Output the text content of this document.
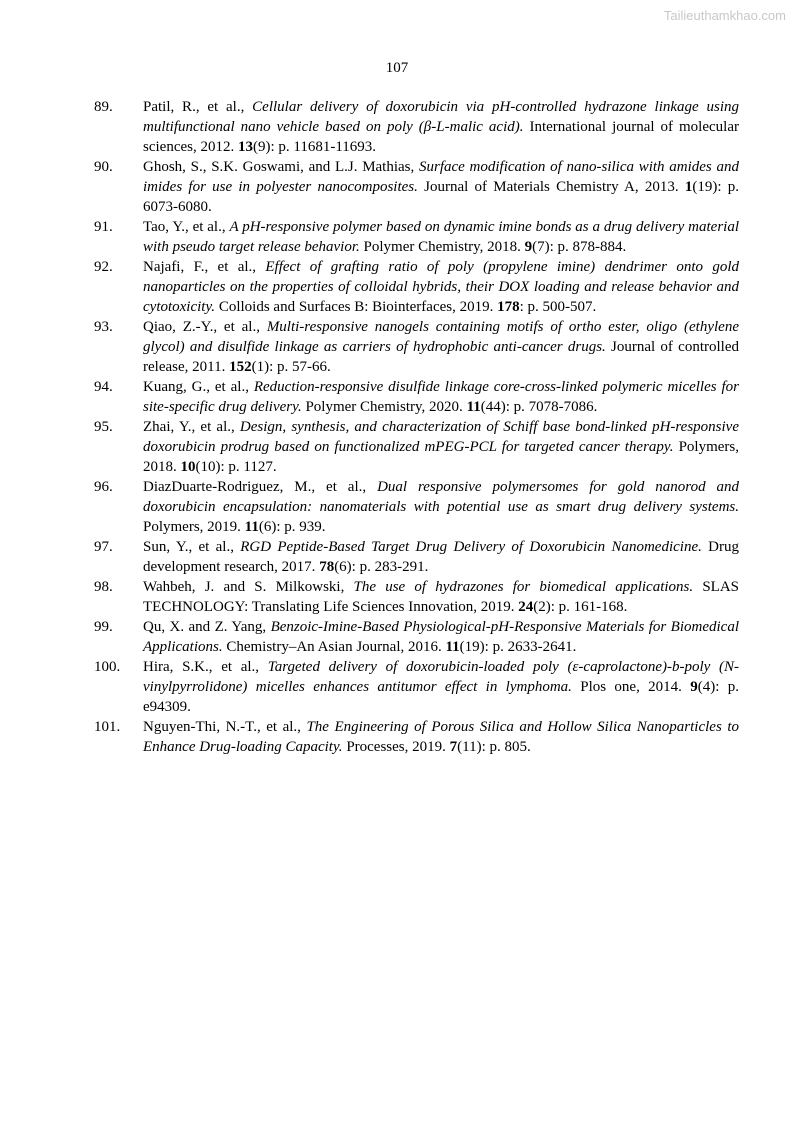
Tailieuthamkhao.com
107
89. Patil, R., et al., Cellular delivery of doxorubicin via pH-controlled hydrazone linkage using multifunctional nano vehicle based on poly (β-L-malic acid). International journal of molecular sciences, 2012. 13(9): p. 11681-11693.
90. Ghosh, S., S.K. Goswami, and L.J. Mathias, Surface modification of nano-silica with amides and imides for use in polyester nanocomposites. Journal of Materials Chemistry A, 2013. 1(19): p. 6073-6080.
91. Tao, Y., et al., A pH-responsive polymer based on dynamic imine bonds as a drug delivery material with pseudo target release behavior. Polymer Chemistry, 2018. 9(7): p. 878-884.
92. Najafi, F., et al., Effect of grafting ratio of poly (propylene imine) dendrimer onto gold nanoparticles on the properties of colloidal hybrids, their DOX loading and release behavior and cytotoxicity. Colloids and Surfaces B: Biointerfaces, 2019. 178: p. 500-507.
93. Qiao, Z.-Y., et al., Multi-responsive nanogels containing motifs of ortho ester, oligo (ethylene glycol) and disulfide linkage as carriers of hydrophobic anti-cancer drugs. Journal of controlled release, 2011. 152(1): p. 57-66.
94. Kuang, G., et al., Reduction-responsive disulfide linkage core-cross-linked polymeric micelles for site-specific drug delivery. Polymer Chemistry, 2020. 11(44): p. 7078-7086.
95. Zhai, Y., et al., Design, synthesis, and characterization of Schiff base bond-linked pH-responsive doxorubicin prodrug based on functionalized mPEG-PCL for targeted cancer therapy. Polymers, 2018. 10(10): p. 1127.
96. DiazDuarte-Rodriguez, M., et al., Dual responsive polymersomes for gold nanorod and doxorubicin encapsulation: nanomaterials with potential use as smart drug delivery systems. Polymers, 2019. 11(6): p. 939.
97. Sun, Y., et al., RGD Peptide‐Based Target Drug Delivery of Doxorubicin Nanomedicine. Drug development research, 2017. 78(6): p. 283-291.
98. Wahbeh, J. and S. Milkowski, The use of hydrazones for biomedical applications. SLAS TECHNOLOGY: Translating Life Sciences Innovation, 2019. 24(2): p. 161-168.
99. Qu, X. and Z. Yang, Benzoic‐Imine‐Based Physiological‐pH‐Responsive Materials for Biomedical Applications. Chemistry–An Asian Journal, 2016. 11(19): p. 2633-2641.
100. Hira, S.K., et al., Targeted delivery of doxorubicin-loaded poly (ε-caprolactone)-b-poly (N-vinylpyrrolidone) micelles enhances antitumor effect in lymphoma. Plos one, 2014. 9(4): p. e94309.
101. Nguyen-Thi, N.-T., et al., The Engineering of Porous Silica and Hollow Silica Nanoparticles to Enhance Drug-loading Capacity. Processes, 2019. 7(11): p. 805.
